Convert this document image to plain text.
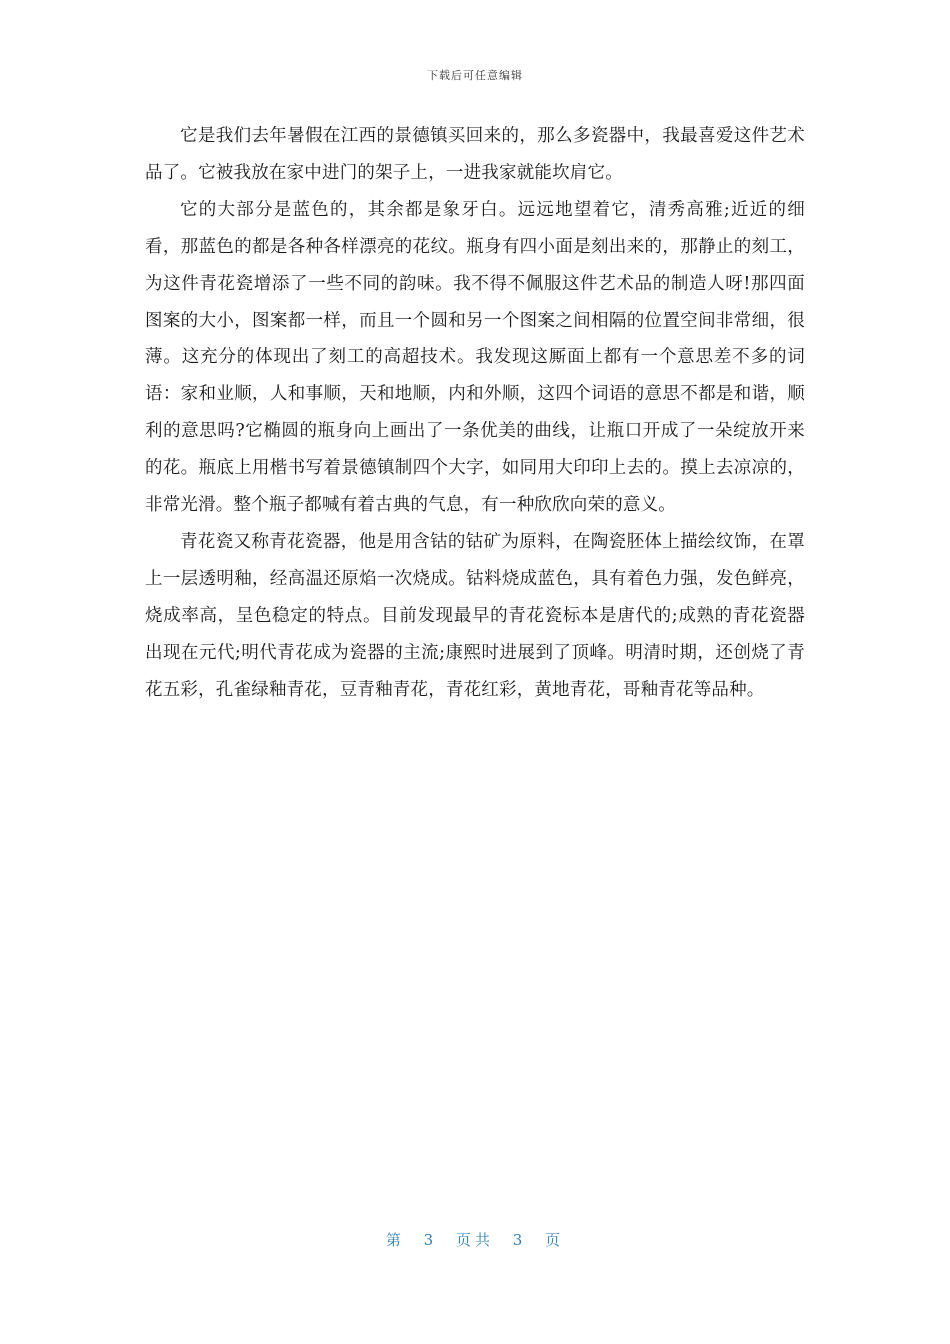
下载后可任意编辑

它是我们去年暑假在江西的景德镇买回来的，那么多瓷器中，我最喜爱这件艺术品了。它被我放在家中进门的架子上，一进我家就能坎肩它。

它的大部分是蓝色的，其余都是象牙白。远远地望着它，清秀高雅;近近的细看，那蓝色的都是各种各样漂亮的花纹。瓶身有四小面是刻出来的，那静止的刻工，为这件青花瓷增添了一些不同的韵味。我不得不佩服这件艺术品的制造人呀!那四面图案的大小，图案都一样，而且一个圆和另一个图案之间相隔的位置空间非常细，很薄。这充分的体现出了刻工的高超技术。我发现这厮面上都有一个意思差不多的词语：家和业顺，人和事顺，天和地顺，内和外顺，这四个词语的意思不都是和谐，顺利的意思吗?它椭圆的瓶身向上画出了一条优美的曲线，让瓶口开成了一朵绽放开来的花。瓶底上用楷书写着景德镇制四个大字，如同用大印印上去的。摸上去凉凉的，非常光滑。整个瓶子都喊有着古典的气息，有一种欣欣向荣的意义。

青花瓷又称青花瓷器，他是用含钴的钴矿为原料，在陶瓷胚体上描绘纹饰，在罩上一层透明釉，经高温还原焰一次烧成。钴料烧成蓝色，具有着色力强，发色鲜亮，烧成率高，呈色稳定的特点。目前发现最早的青花瓷标本是唐代的;成熟的青花瓷器出现在元代;明代青花成为瓷器的主流;康熙时进展到了顶峰。明清时期，还创烧了青花五彩，孔雀绿釉青花，豆青釉青花，青花红彩，黄地青花，哥釉青花等品种。

第 3 页共 3 页
